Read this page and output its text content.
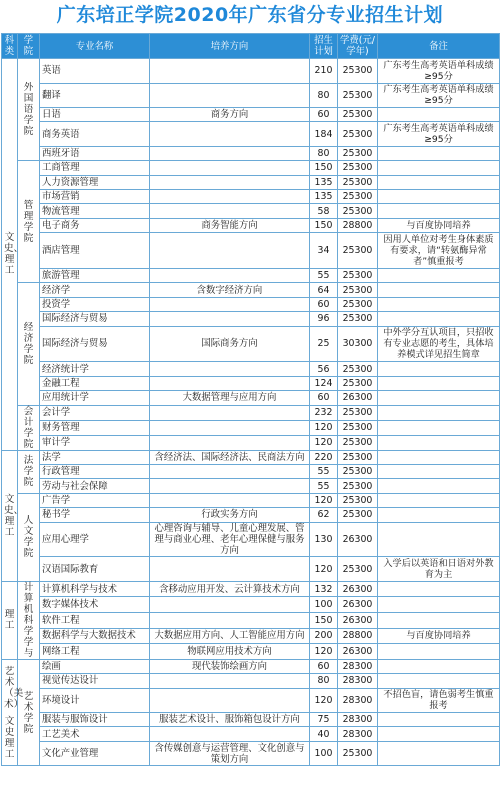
广东培正学院2020年广东省分专业招生计划
科类	学院	专业名称	培养方向	招生计划	学费(元/学年)	备注
文史、理工	外国语学院	英语		210	25300	广东考生高考英语单科成绩≥95分
		翻译		80	25300	广东考生高考英语单科成绩≥95分
		日语	商务方向	60	25300	
		商务英语		184	25300	广东考生高考英语单科成绩≥95分
		西班牙语		80	25300	
	管理学院	工商管理		150	25300	
		人力资源管理		135	25300	
		市场营销		135	25300	
		物流管理		58	25300	
		电子商务	商务智能方向	150	28800	与百度协同培养
		酒店管理		34	25300	因用人单位对考生身体素质有要求，请“转氨酶异常者”慎重报考
		旅游管理		55	25300	
	经济学院	经济学	含数字经济方向	64	25300	
		投资学		60	25300	
		国际经济与贸易		96	25300	
		国际经济与贸易	国际商务方向	25	30300	中外学分互认项目，只招收有专业志愿的考生，具体培养模式详见招生简章
		经济统计学		56	25300	
		金融工程		124	25300	
		应用统计学	大数据管理与应用方向	60	26300	
	会计学院	会计学		232	25300	
		财务管理		120	25300	
		审计学		120	25300	
文史、理工	法学院	法学	含经济法、国际经济法、民商法方向	220	25300	
		行政管理		55	25300	
		劳动与社会保障		55	25300	
	人文学院	广告学		120	25300	
		秘书学	行政实务方向	62	25300	
		应用心理学	心理咨询与辅导、儿童心理发展、管理与商业心理、老年心理保健与服务方向	130	26300	
		汉语国际教育		120	25300	入学后以英语和日语对外教育为主
理工	计算机科学学与	计算机科学与技术	含移动应用开发、云计算技术方向	132	26300	
		数字媒体技术		100	26300	
		软件工程		150	26300	
		数据科学与大数据技术	大数据应用方向、人工智能应用方向	200	28800	与百度协同培养
		网络工程	物联网应用技术方向	120	26300	
艺术（美术）
文史理工	艺术学院	绘画	现代装饰绘画方向	60	28300	
		视觉传达设计		80	28300	
		环境设计		120	28300	不招色盲，请色弱考生慎重报考
		服装与服饰设计	服装艺术设计、服饰箱包设计方向	75	28300	
		工艺美术		40	28300	
		文化产业管理	含传媒创意与运营管理、文化创意与策划方向	100	25300	
